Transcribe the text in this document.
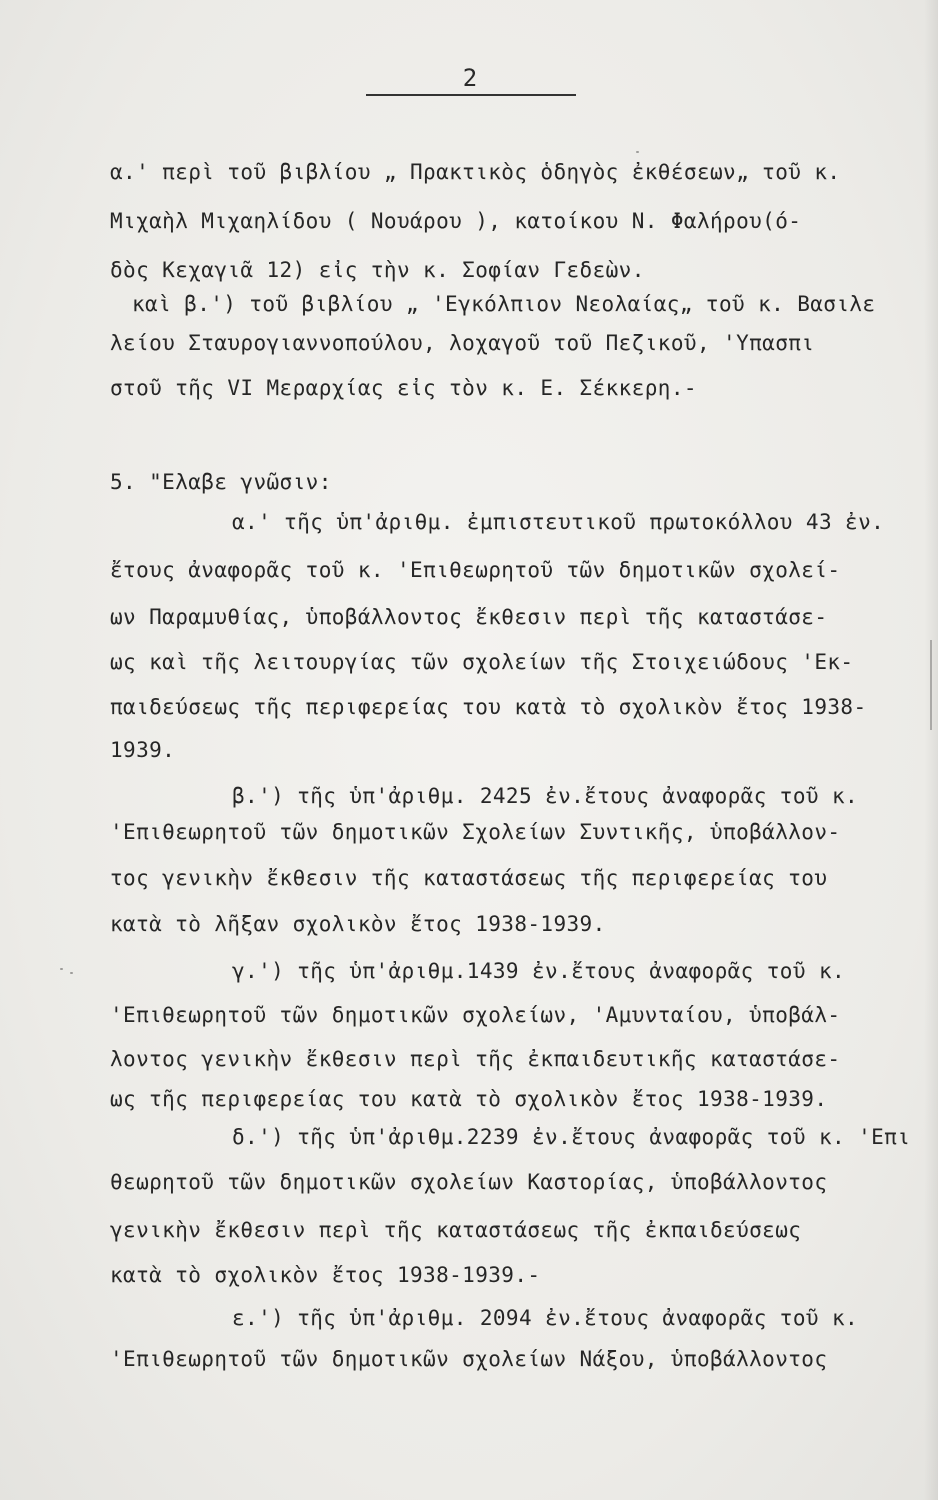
2
α.' περὶ τοῦ βιβλίου „ Πρακτικὸς ὁδηγὸς ἐκθέσεων„ τοῦ κ.
Μιχαὴλ Μιχαηλίδου ( Νουάρου ), κατοίκου Ν. Φαλήρου(ό-
δὸς Κεχαγιᾶ 12) εἰς τὴν κ. Σοφίαν Γεδεὼν.
καὶ β.') τοῦ βιβλίου „ 'Εγκόλπιον Νεολαίας„ τοῦ κ. Βασιλε
λείου Σταυρογιαννοπούλου, λοχαγοῦ τοῦ Πεζικοῦ, 'Υπασπι
στοῦ τῆς VI Μεραρχίας εἰς τὸν κ. Ε. Σέκκερη.-
5. "Ελαβε γνῶσιν:
α.' τῆς ὑπ'ἀριθμ. ἐμπιστευτικοῦ πρωτοκόλλου 43 ἐν.
ἔτους ἀναφορᾶς τοῦ κ. 'Επιθεωρητοῦ τῶν δημοτικῶν σχολεί-
ων Παραμυθίας, ὑποβάλλοντος ἔκθεσιν περὶ τῆς καταστάσε-
ως καὶ τῆς λειτουργίας τῶν σχολείων τῆς Στοιχειώδους 'Εκ-
παιδεύσεως τῆς περιφερείας του κατὰ τὸ σχολικὸν ἔτος 1938-
1939.
β.') τῆς ὑπ'ἀριθμ. 2425 ἐν.ἔτους ἀναφορᾶς τοῦ κ.
'Επιθεωρητοῦ τῶν δημοτικῶν Σχολείων Συντικῆς, ὑποβάλλον-
τος γενικὴν ἔκθεσιν τῆς καταστάσεως τῆς περιφερείας του
κατὰ τὸ λῆξαν σχολικὸν ἔτος 1938-1939.
γ.') τῆς ὑπ'ἀριθμ.1439 ἐν.ἔτους ἀναφορᾶς τοῦ κ.
'Επιθεωρητοῦ τῶν δημοτικῶν σχολείων, 'Αμυνταίου, ὑποβάλ-
λοντος γενικὴν ἔκθεσιν περὶ τῆς ἐκπαιδευτικῆς καταστάσε-
ως τῆς περιφερείας του κατὰ τὸ σχολικὸν ἔτος 1938-1939.
δ.') τῆς ὑπ'ἀριθμ.2239 ἐν.ἔτους ἀναφορᾶς τοῦ κ. 'Επι
θεωρητοῦ τῶν δημοτικῶν σχολείων Καστορίας, ὑποβάλλοντος
γενικὴν ἔκθεσιν περὶ τῆς καταστάσεως τῆς ἐκπαιδεύσεως
κατὰ τὸ σχολικὸν ἔτος 1938-1939.-
ε.') τῆς ὑπ'ἀριθμ. 2094 ἐν.ἔτους ἀναφορᾶς τοῦ κ.
'Επιθεωρητοῦ τῶν δημοτικῶν σχολείων Νάξου, ὑποβάλλοντος
